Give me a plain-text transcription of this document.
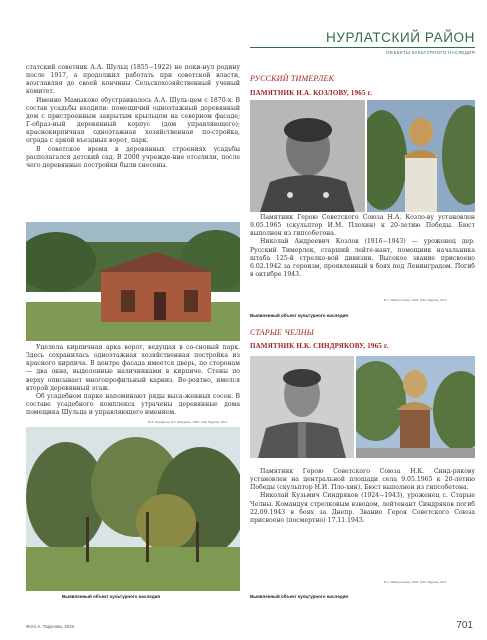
НУРЛАТСКИЙ РАЙОН
ОБЪЕКТЫ КУЛЬТУРНОГО НАСЛЕДИЯ

статский советник А.А. Шульц (1855−1922) не поки-нул родину после 1917, а продолжил работать при советской власти, возглавляя до своей кончины Сельскохозяйственный ученый комитет.

Имение Мамыково обустраивалось А.А. Шуль-цем с 1870-х. В состав усадьбы входили: помещичий одноэтажный деревянный дом с пристроенным закрытым крыльцом на северном фасаде; Г-образ-ный деревянный корпус (дом управляющего); краснокирпичная одноэтажная хозяйственная по-стройка, ограда с аркой въездных ворот, парк.

В советское время в деревянных строениях усадьбы располагался детский сад. В 2000 учрежде-ние отселили, после чего деревянные постройки были снесены.

Уцелела кирпичная арка ворот, ведущая в со-сновый парк. Здесь сохранилась одноэтажная хозяйственная постройка из красного кирпича. В центре фасада имеется дверь, по сторонам — два окна, выделенные наличниками в кирпиче. Стены по верху описывает многопрофильный карниз. Ве-роятно, имелся второй деревянный этаж.

Об усадебном парке напоминают ряды высa-женных сосен. В составе усадебного комплекса утрачены деревянные дома помещика Шульца и управляющего имением.

И.Х. Халидулин, Л.Г. Бабурина, 1996; А.М. Тарунов, 2015
Выявленный объект культурного наследия
РУССКИЙ ТИМЕРЛЕК
ПАМЯТНИК Н.А. КОЗЛОВУ, 1965 г.

Памятник Герою Советского Союза Н.А. Козло-ву установлен 9.05.1965 (скульптор И.М. Плохин) к 20-летию Победы. Бюст выполнен из гипсобетона.

Николай Андреевич Козлов (1916−1943) — уроженец дер. Русский Тимерлек, старший лейте-нант, помощник начальника штаба 125-й стрелко-вой дивизии. Высокое звание присвоено 6.02.1942 за героизм, проявленный в боях под Ленинградом. Погиб в октябре 1943.

К.С. Шамгуселова, 1995; А.М. Тарунов, 2015
Выявленный объект культурного наследия
СТАРЫЕ ЧЕЛНЫ
ПАМЯТНИК Н.К. СИНДРЯКОВУ, 1965 г.

Памятник Герою Советского Союза Н.К. Синд-рякову установлен на центральной площади села 9.05.1965 к 20-летию Победы (скульптор Н.И. Пло-хин). Бюст выполнен из гипсобетона.

Николай Кузьмич Синдряков (1924−1943), уроженец с. Старые Челны. Командуя стрелковым взводом, лейтенант Синдряков погиб 22.09.1943 в боях за Днепр. Звание Героя Советского Союза присвоено (посмертно) 17.11.1943.

К.С. Шамгуселова, 1995; А.М. Тарунов, 2015
Выявленный объект культурного наследия
Фото А. Тарунова, 2015	701
